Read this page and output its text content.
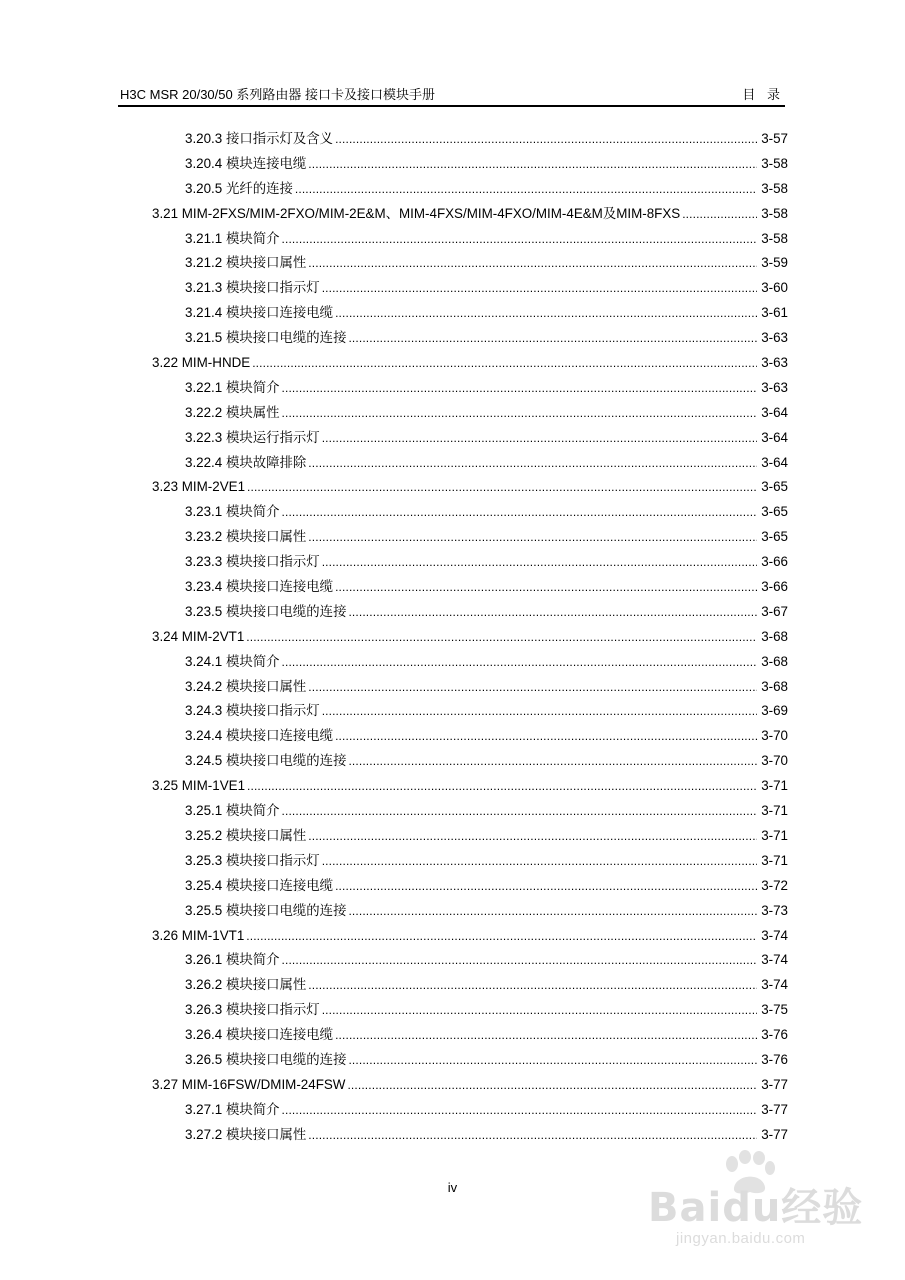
H3C MSR 20/30/50 系列路由器 接口卡及接口模块手册	目 录
3.20.3 接口指示灯及含义 . . .	3-57
3.20.4 模块连接电缆 . . .	3-58
3.20.5 光纤的连接 . . .	3-58
3.21 MIM-2FXS/MIM-2FXO/MIM-2E&M、MIM-4FXS/MIM-4FXO/MIM-4E&M及MIM-8FXS . . .	3-58
3.21.1 模块简介 . . .	3-58
3.21.2 模块接口属性 . . .	3-59
3.21.3 模块接口指示灯 . . .	3-60
3.21.4 模块接口连接电缆 . . .	3-61
3.21.5 模块接口电缆的连接 . . .	3-63
3.22 MIM-HNDE . . .	3-63
3.22.1 模块简介 . . .	3-63
3.22.2 模块属性 . . .	3-64
3.22.3 模块运行指示灯 . . .	3-64
3.22.4 模块故障排除 . . .	3-64
3.23 MIM-2VE1 . . .	3-65
3.23.1 模块简介 . . .	3-65
3.23.2 模块接口属性 . . .	3-65
3.23.3 模块接口指示灯 . . .	3-66
3.23.4 模块接口连接电缆 . . .	3-66
3.23.5 模块接口电缆的连接 . . .	3-67
3.24 MIM-2VT1 . . .	3-68
3.24.1 模块简介 . . .	3-68
3.24.2 模块接口属性 . . .	3-68
3.24.3 模块接口指示灯 . . .	3-69
3.24.4 模块接口连接电缆 . . .	3-70
3.24.5 模块接口电缆的连接 . . .	3-70
3.25 MIM-1VE1 . . .	3-71
3.25.1 模块简介 . . .	3-71
3.25.2 模块接口属性 . . .	3-71
3.25.3 模块接口指示灯 . . .	3-71
3.25.4 模块接口连接电缆 . . .	3-72
3.25.5 模块接口电缆的连接 . . .	3-73
3.26 MIM-1VT1 . . .	3-74
3.26.1 模块简介 . . .	3-74
3.26.2 模块接口属性 . . .	3-74
3.26.3 模块接口指示灯 . . .	3-75
3.26.4 模块接口连接电缆 . . .	3-76
3.26.5 模块接口电缆的连接 . . .	3-76
3.27 MIM-16FSW/DMIM-24FSW . . .	3-77
3.27.1 模块简介 . . .	3-77
3.27.2 模块接口属性 . . .	3-77
iv	Baidu经验
jingyan.baidu.com
